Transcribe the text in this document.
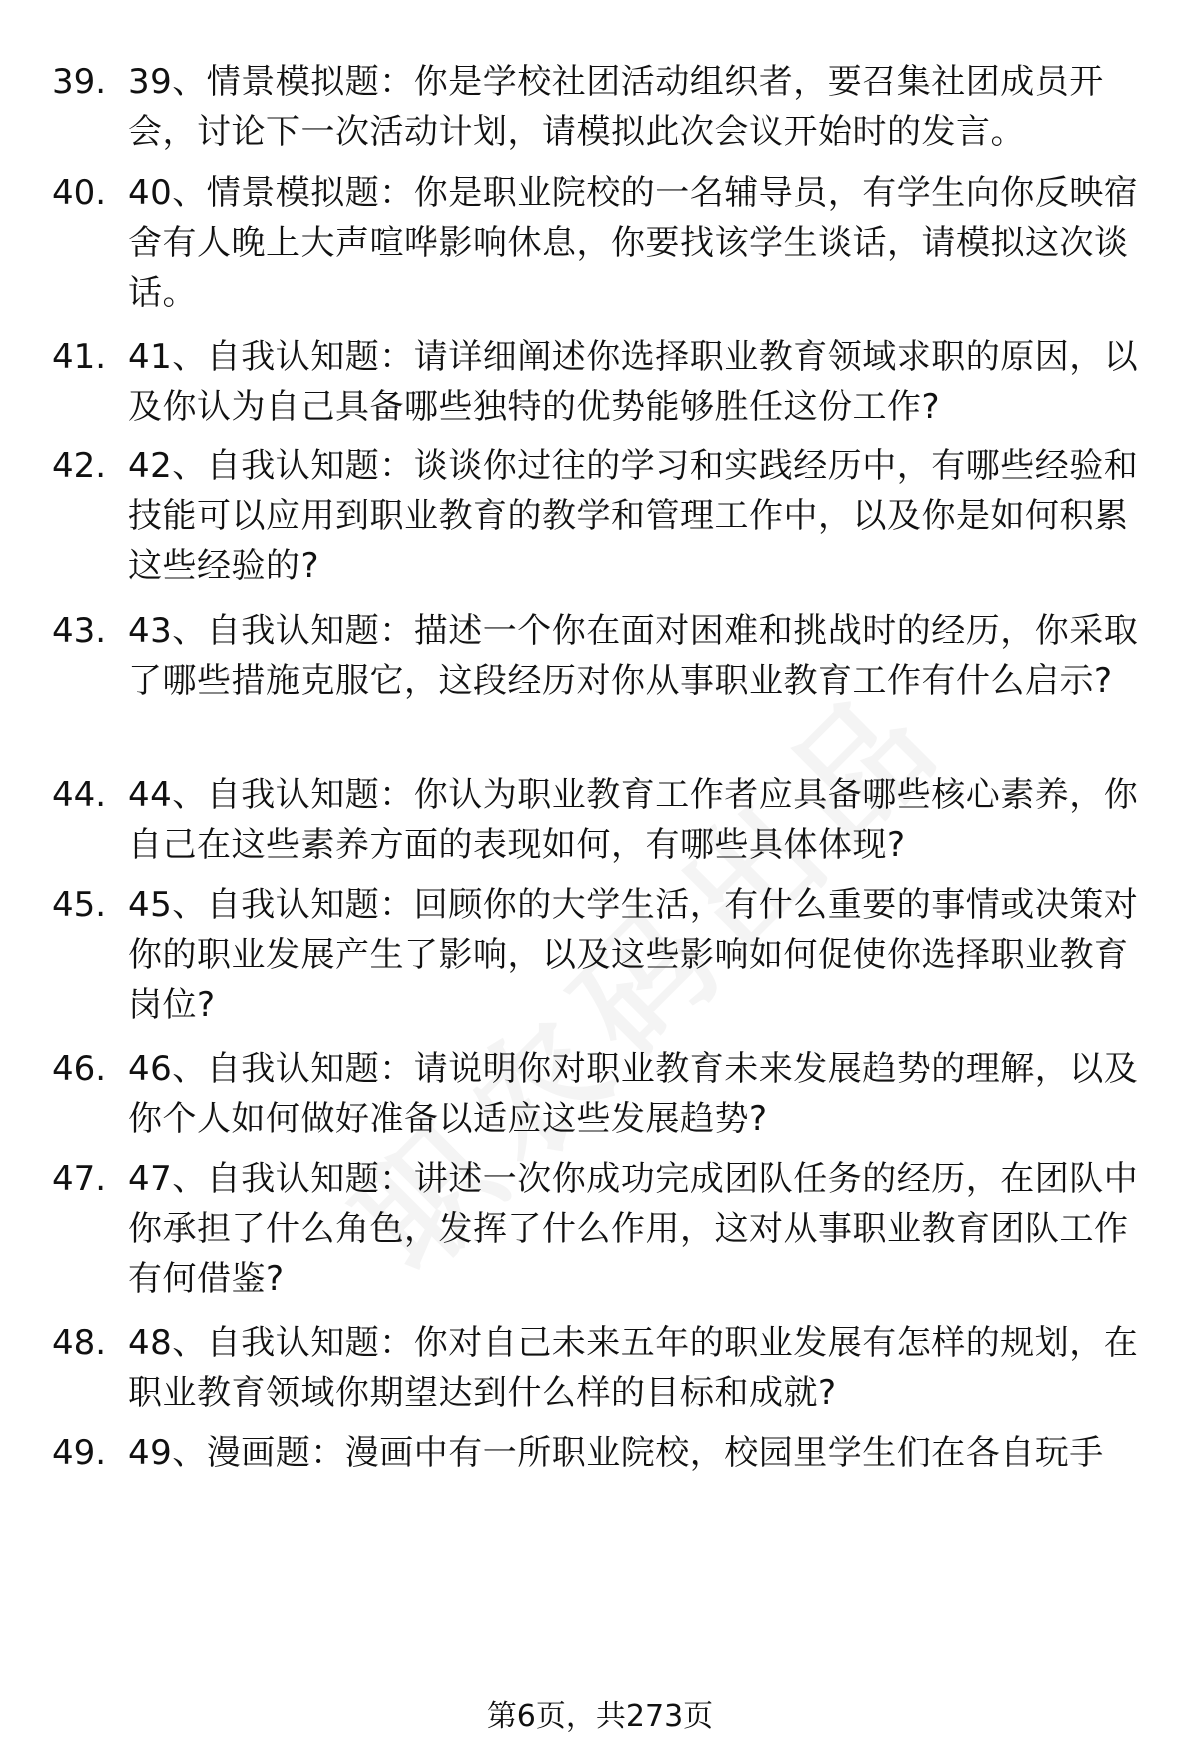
39. 39、情景模拟题：你是学校社团活动组织者，要召集社团成员开会，讨论下一次活动计划，请模拟此次会议开始时的发言。
40. 40、情景模拟题：你是职业院校的一名辅导员，有学生向你反映宿舍有人晚上大声喧哗影响休息，你要找该学生谈话，请模拟这次谈话。
41. 41、自我认知题：请详细阐述你选择职业教育领域求职的原因，以及你认为自己具备哪些独特的优势能够胜任这份工作?
42. 42、自我认知题：谈谈你过往的学习和实践经历中，有哪些经验和技能可以应用到职业教育的教学和管理工作中，以及你是如何积累这些经验的?
43. 43、自我认知题：描述一个你在面对困难和挑战时的经历，你采取了哪些措施克服它，这段经历对你从事职业教育工作有什么启示?
44. 44、自我认知题：你认为职业教育工作者应具备哪些核心素养，你自己在这些素养方面的表现如何，有哪些具体体现?
45. 45、自我认知题：回顾你的大学生活，有什么重要的事情或决策对你的职业发展产生了影响，以及这些影响如何促使你选择职业教育岗位?
46. 46、自我认知题：请说明你对职业教育未来发展趋势的理解，以及你个人如何做好准备以适应这些发展趋势?
47. 47、自我认知题：讲述一次你成功完成团队任务的经历，在团队中你承担了什么角色，发挥了什么作用，这对从事职业教育团队工作有何借鉴?
48. 48、自我认知题：你对自己未来五年的职业发展有怎样的规划，在职业教育领域你期望达到什么样的目标和成就?
49. 49、漫画题：漫画中有一所职业院校，校园里学生们在各自玩手
第6页，共273页
